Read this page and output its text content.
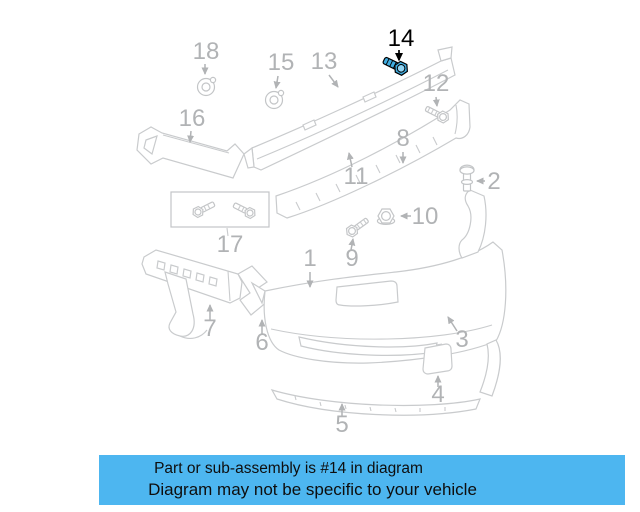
1
2
3
4
5
6
7
8
9
10
11
12
13
14
15
16
17
18
Part or sub-assembly is #14 in diagram
Diagram may not be specific to your vehicle
